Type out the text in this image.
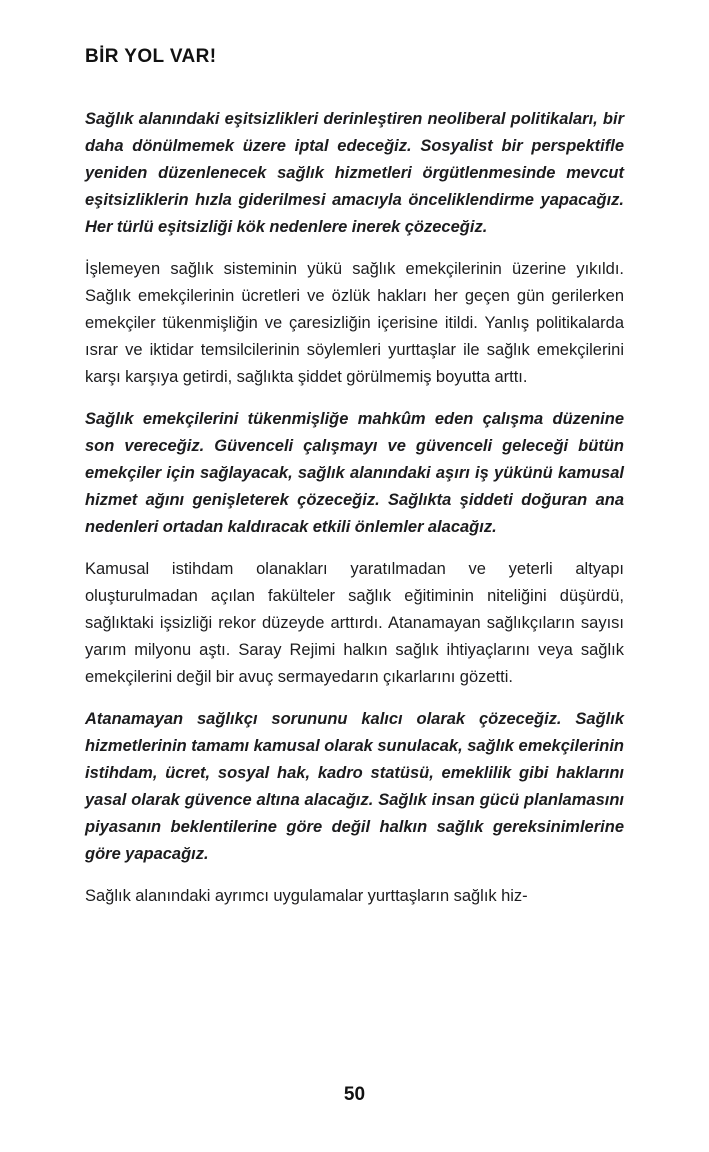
BİR YOL VAR!

Sağlık alanındaki eşitsizlikleri derinleştiren neoliberal politikaları, bir daha dönülmemek üzere iptal edeceğiz. Sosyalist bir perspektifle yeniden düzenlenecek sağlık hizmetleri örgütlenmesinde mevcut eşitsizliklerin hızla giderilmesi amacıyla önceliklendirme yapacağız. Her türlü eşitsizliği kök nedenlere inerek çözeceğiz.

İşlemeyen sağlık sisteminin yükü sağlık emekçilerinin üzerine yıkıldı. Sağlık emekçilerinin ücretleri ve özlük hakları her geçen gün gerilerken emekçiler tükenmişliğin ve çaresizliğin içerisine itildi. Yanlış politikalarda ısrar ve iktidar temsilcilerinin söylemleri yurttaşlar ile sağlık emekçilerini karşı karşıya getirdi, sağlıkta şiddet görülmemiş boyutta arttı.

Sağlık emekçilerini tükenmişliğe mahkûm eden çalışma düzenine son vereceğiz. Güvenceli çalışmayı ve güvenceli geleceği bütün emekçiler için sağlayacak, sağlık alanındaki aşırı iş yükünü kamusal hizmet ağını genişleterek çözeceğiz. Sağlıkta şiddeti doğuran ana nedenleri ortadan kaldıracak etkili önlemler alacağız.

Kamusal istihdam olanakları yaratılmadan ve yeterli altyapı oluşturulmadan açılan fakülteler sağlık eğitiminin niteliğini düşürdü, sağlıktaki işsizliği rekor düzeyde arttırdı. Atanamayan sağlıkçıların sayısı yarım milyonu aştı. Saray Rejimi halkın sağlık ihtiyaçlarını veya sağlık emekçilerini değil bir avuç sermayedarın çıkarlarını gözetti.

Atanamayan sağlıkçı sorununu kalıcı olarak çözeceğiz. Sağlık hizmetlerinin tamamı kamusal olarak sunulacak, sağlık emekçilerinin istihdam, ücret, sosyal hak, kadro statüsü, emeklilik gibi haklarını yasal olarak güvence altına alacağız. Sağlık insan gücü planlamasını piyasanın beklentilerine göre değil halkın sağlık gereksinimlerine göre yapacağız.

Sağlık alanındaki ayrımcı uygulamalar yurttaşların sağlık hiz-

50
